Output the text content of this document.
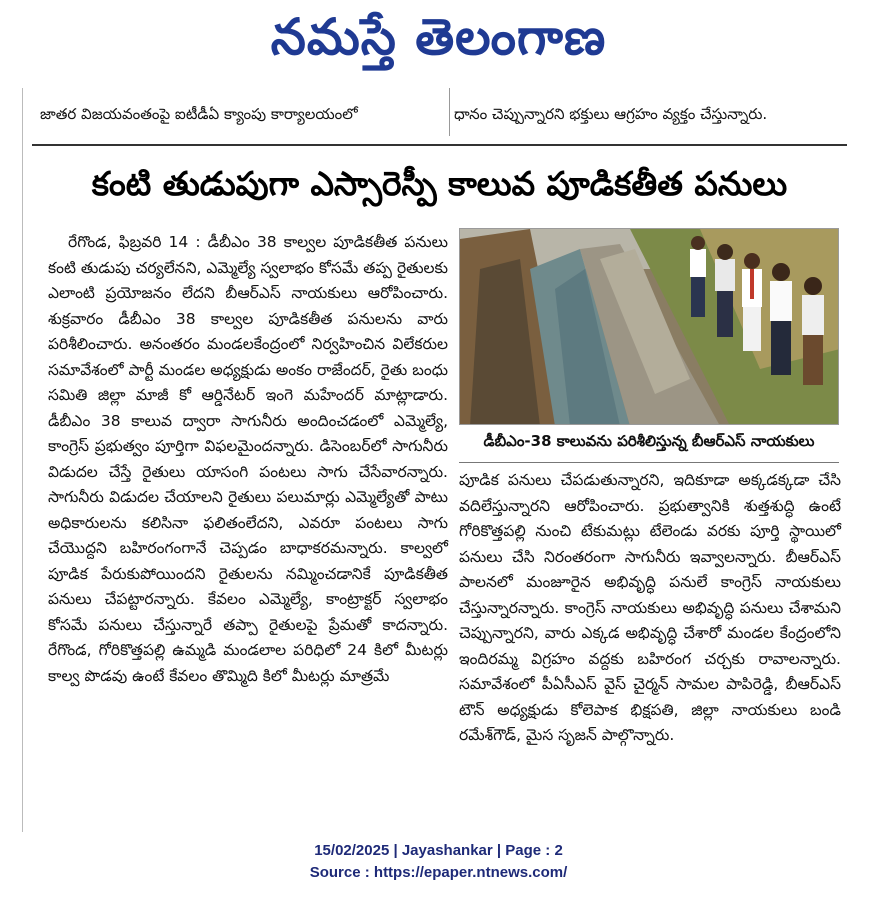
నమస్తే తెలంగాణ
జాతర విజయవంతంపై ఐటీడీఏ క్యాంపు కార్యాలయంలో	ధానం చెప్పున్నారని భక్తులు ఆగ్రహం వ్యక్తం చేస్తున్నారు.
కంటి తుడుపుగా ఎస్సారెస్పీ కాలువ పూడికతీత పనులు

రేగొండ, ఫిబ్రవరి 14 : డీబీఎం 38 కాల్వల పూడికతీత పనులు కంటి తుడుపు చర్యలేనని, ఎమ్మెల్యే స్వలాభం కోసమే తప్ప రైతులకు ఎలాంటి ప్రయోజనం లేదని బీఆర్ఎస్ నాయకులు ఆరోపించారు. శుక్రవారం డీబీఎం 38 కాల్వల పూడికతీత పనులను వారు పరిశీలించారు. అనంతరం మండలకేంద్రంలో నిర్వహించిన విలేకరుల సమావేశంలో పార్టీ మండల అధ్యక్షుడు అంకం రాజేందర్, రైతు బంధు సమితి జిల్లా మాజీ కో ఆర్డినేటర్ ఇంగె మహేందర్ మాట్లాడారు. డీబీఎం 38 కాలువ ద్వారా సాగునీరు అందించడంలో ఎమ్మెల్యే, కాంగ్రెస్ ప్రభుత్వం పూర్తిగా విఫలమైందన్నారు. డిసెంబర్‌లో సాగునీరు విడుదల చేస్తే రైతులు యాసంగి పంటలు సాగు చేసేవారన్నారు. సాగునీరు విడుదల చేయాలని రైతులు పలుమార్లు ఎమ్మెల్యేతో పాటు అధికారులను కలిసినా ఫలితంలేదని, ఎవరూ పంటలు సాగు చేయొద్దని బహిరంగంగానే చెప్పడం బాధాకరమన్నారు. కాల్వలో పూడిక పేరుకుపోయిందని రైతులను నమ్మించడానికే పూడికతీత పనులు చేపట్టారన్నారు. కేవలం ఎమ్మెల్యే, కాంట్రాక్టర్ స్వలాభం కోసమే పనులు చేస్తున్నారే తప్పా రైతులపై ప్రేమతో కాదన్నారు. రేగొండ, గోరికొత్తపల్లి ఉమ్మడి మండలాల పరిధిలో 24 కిలో మీటర్లు కాల్వ పొడవు ఉంటే కేవలం తొమ్మిది కిలో మీటర్లు మాత్రమే

డీబీఎం-38 కాలువను పరిశీలిస్తున్న బీఆర్ఎస్ నాయకులు

పూడిక పనులు చేపడుతున్నారని, ఇదికూడా అక్కడక్కడా చేసి వదిలేస్తున్నారని ఆరోపించారు. ప్రభుత్వానికి శుత్తశుద్ధి ఉంటే గోరికొత్తపల్లి నుంచి టేకుమట్లు టేలెండు వరకు పూర్తి స్థాయిలో పనులు చేసి నిరంతరంగా సాగునీరు ఇవ్వాలన్నారు. బీఆర్ఎస్ పాలనలో మంజూరైన అభివృద్ధి పనులే కాంగ్రెస్ నాయకులు చేస్తున్నారన్నారు. కాంగ్రెస్ నాయకులు అభివృద్ధి పనులు చేశామని చెప్పున్నారని, వారు ఎక్కడ అభివృద్ధి చేశారో మండల కేంద్రంలోని ఇందిరమ్మ విగ్రహం వద్దకు బహిరంగ చర్చకు రావాలన్నారు. సమావేశంలో పీఏసీఎస్ వైస్ చైర్మన్ సామల పాపిరెడ్డి, బీఆర్ఎస్ టౌన్ అధ్యక్షుడు కోలెపాక భిక్షపతి, జిల్లా నాయకులు బండి రమేశ్‌గౌడ్, మైస సృజన్ పాల్గొన్నారు.

15/02/2025 | Jayashankar | Page : 2
Source : https://epaper.ntnews.com/
